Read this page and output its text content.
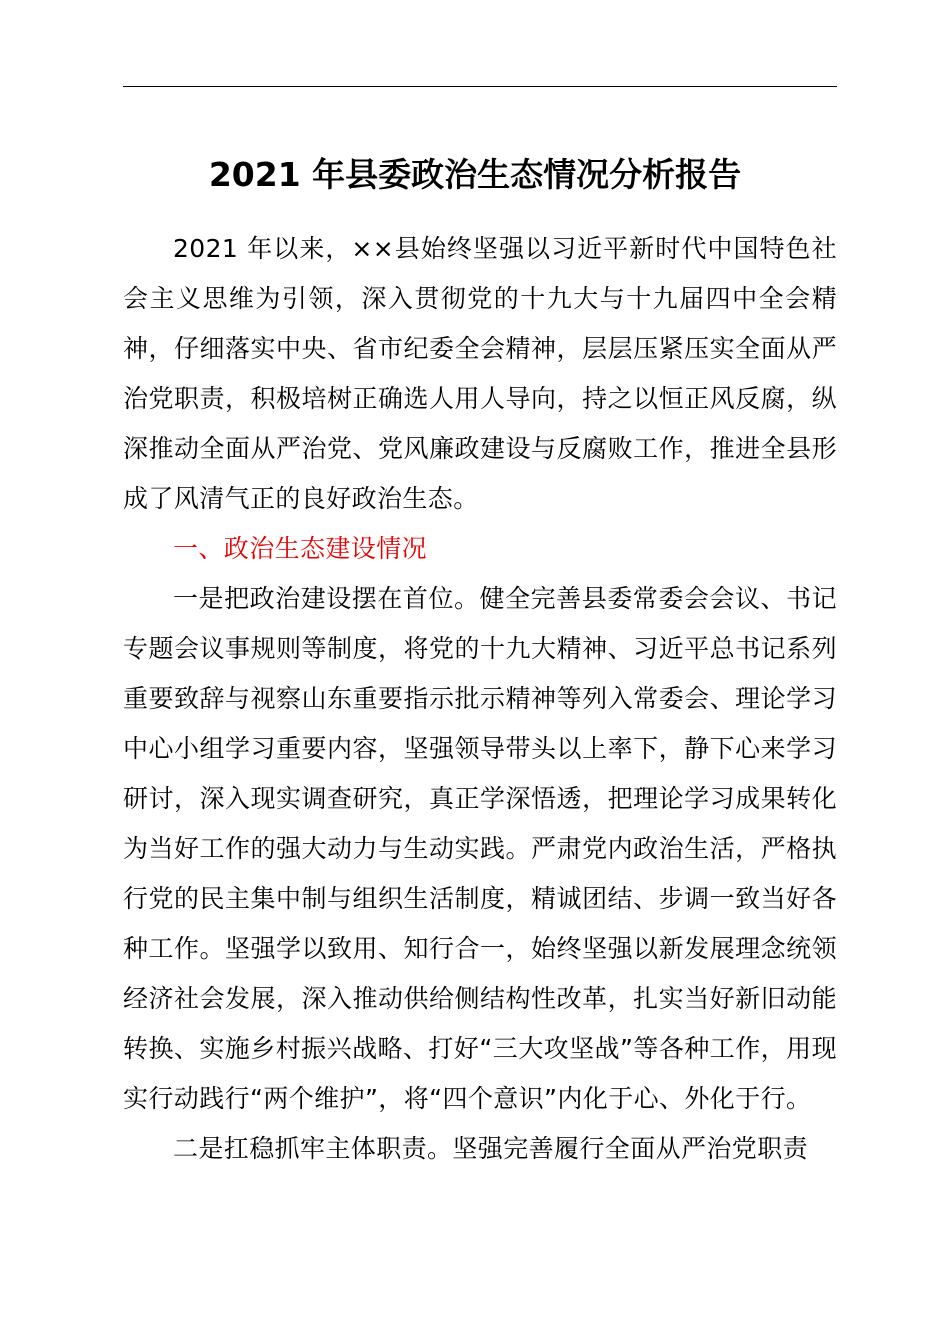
2021 年县委政治生态情况分析报告

2021 年以来，××县始终坚强以习近平新时代中国特色社会主义思维为引领，深入贯彻党的十九大与十九届四中全会精神，仔细落实中央、省市纪委全会精神，层层压紧压实全面从严治党职责，积极培树正确选人用人导向，持之以恒正风反腐，纵深推动全面从严治党、党风廉政建设与反腐败工作，推进全县形成了风清气正的良好政治生态。

一、政治生态建设情况

一是把政治建设摆在首位。健全完善县委常委会会议、书记专题会议事规则等制度，将党的十九大精神、习近平总书记系列重要致辞与视察山东重要指示批示精神等列入常委会、理论学习中心小组学习重要内容，坚强领导带头以上率下，静下心来学习研讨，深入现实调查研究，真正学深悟透，把理论学习成果转化为当好工作的强大动力与生动实践。严肃党内政治生活，严格执行党的民主集中制与组织生活制度，精诚团结、步调一致当好各种工作。坚强学以致用、知行合一，始终坚强以新发展理念统领经济社会发展，深入推动供给侧结构性改革，扎实当好新旧动能转换、实施乡村振兴战略、打好“三大攻坚战”等各种工作，用现实行动践行“两个维护”，将“四个意识”内化于心、外化于行。

二是扛稳抓牢主体职责。坚强完善履行全面从严治党职责
